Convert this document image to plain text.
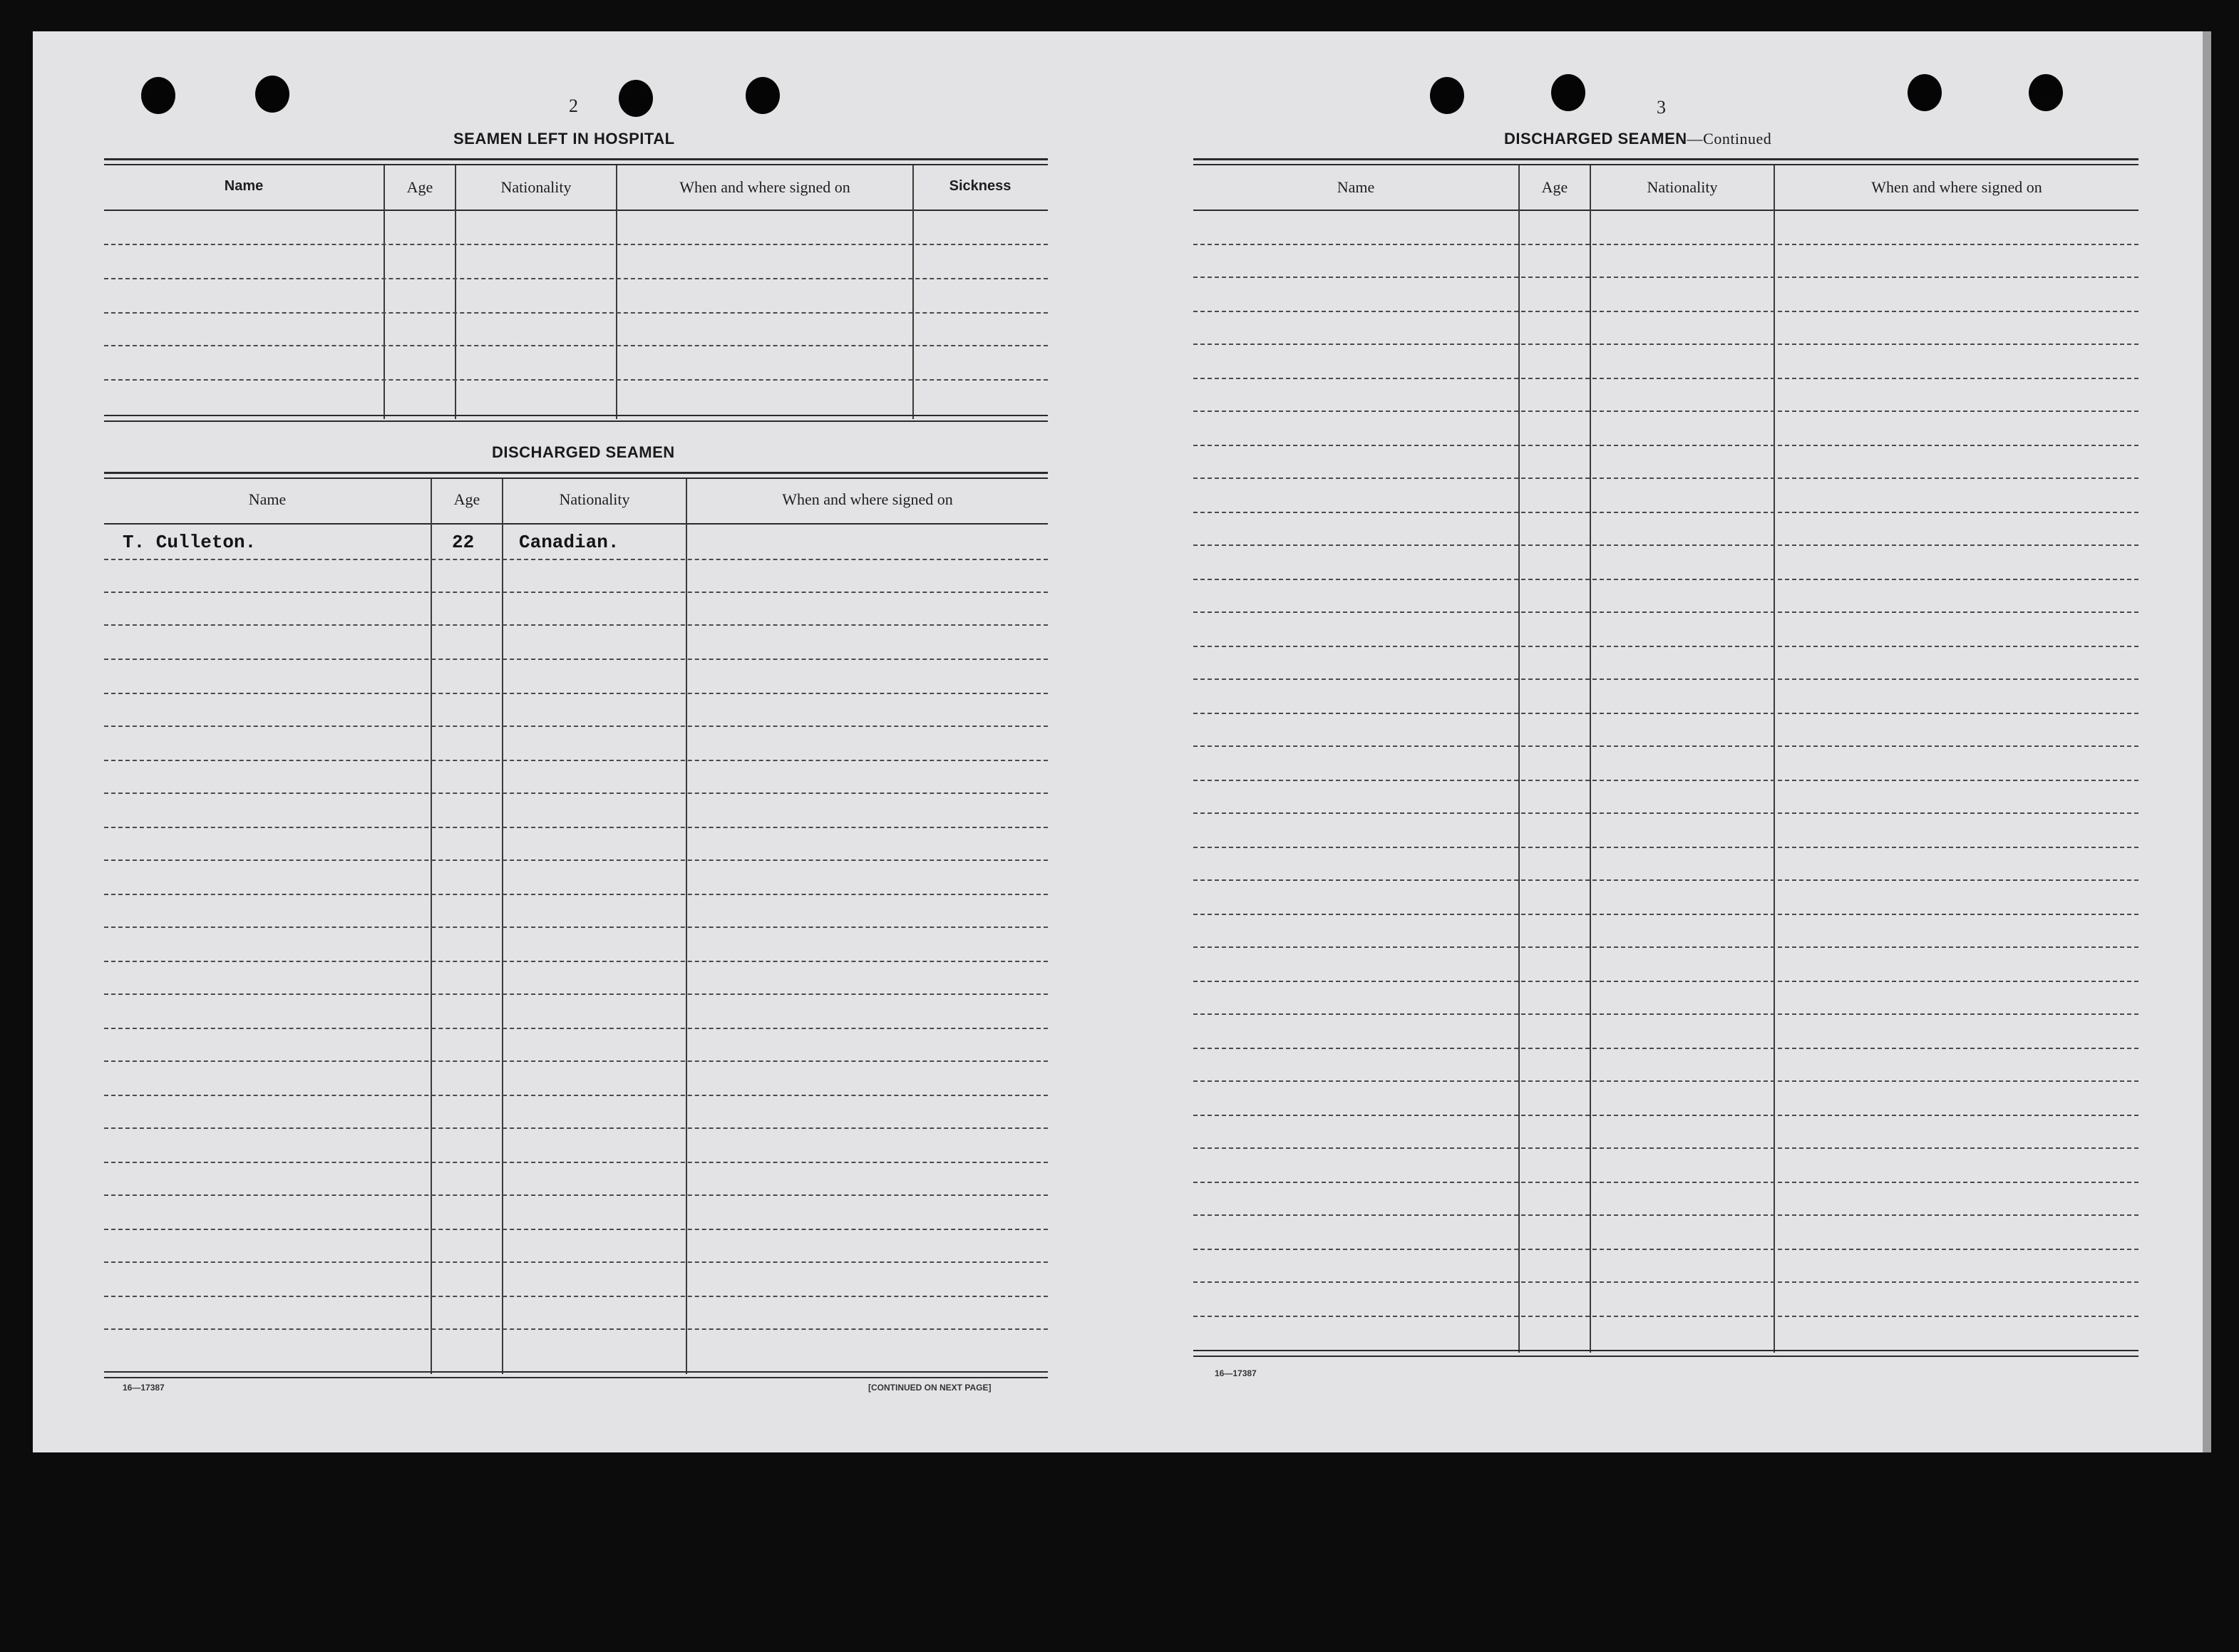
2
SEAMEN LEFT IN HOSPITAL
Name	Age	Nationality	When and where signed on	Sickness
DISCHARGED SEAMEN
Name	Age	Nationality	When and where signed on
T. Culleton.	22 Canadian.
16—17387	[CONTINUED ON NEXT PAGE]
3
DISCHARGED SEAMEN—Continued
Name	Age	Nationality	When and where signed on
16—17387
